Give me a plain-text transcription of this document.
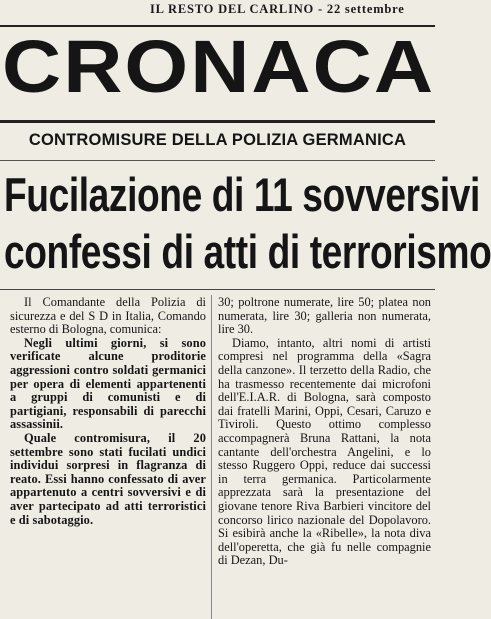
IL RESTO DEL CARLINO - 22 settembre
CRONACA
CONTROMISURE DELLA POLIZIA GERMANICA
Fucilazione di 11 sovversivi
confessi di atti di terrorismo

Il Comandante della Polizia di sicurezza e del S D in Italia, Comando esterno di Bologna, comunica:

Negli ultimi giorni, si sono verificate alcune proditorie aggressioni contro soldati germanici per opera di elementi appartenenti a gruppi di comunisti e di partigiani, responsabili di parecchi assassinii.

Quale contromisura, il 20 settembre sono stati fucilati undici individui sorpresi in flagranza di reato. Essi hanno confessato di aver appartenuto a centri sovversivi e di aver partecipato ad atti terroristici e di sabotaggio.

30; poltrone numerate, lire 50; platea non numerata, lire 30; galleria non numerata, lire 30.

Diamo, intanto, altri nomi di artisti compresi nel programma della «Sagra della canzone». Il terzetto della Radio, che ha trasmesso recentemente dai microfoni dell'E.I.A.R. di Bologna, sarà composto dai fratelli Marini, Oppi, Cesari, Caruzo e Tiviroli. Questo ottimo complesso accompagnerà Bruna Rattani, la nota cantante dell'orchestra Angelini, e lo stesso Ruggero Oppi, reduce dai successi in terra germanica. Particolarmente apprezzata sarà la presentazione del giovane tenore Riva Barbieri vincitore del concorso lirico nazionale del Dopolavoro. Si esibirà anche la «Ribelle», la nota diva dell'operetta, che già fu nelle compagnie di Dezan, Du-
